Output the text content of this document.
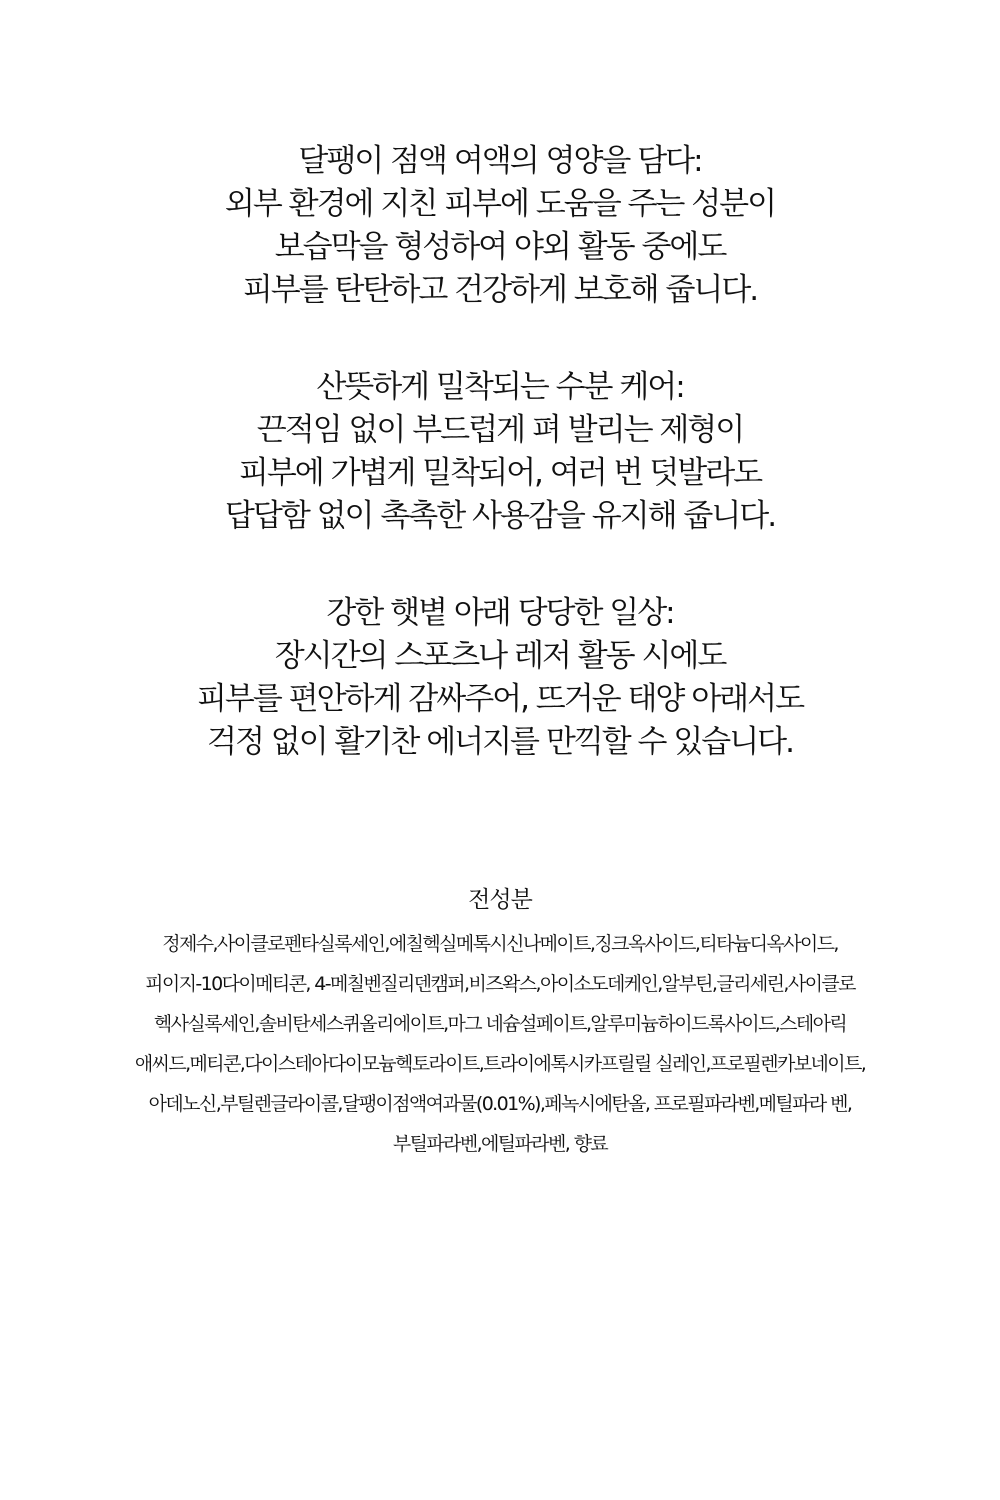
달팽이 점액 여액의 영양을 담다:
외부 환경에 지친 피부에 도움을 주는 성분이
보습막을 형성하여 야외 활동 중에도
피부를 탄탄하고 건강하게 보호해 줍니다.
산뜻하게 밀착되는 수분 케어:
끈적임 없이 부드럽게 펴 발리는 제형이
피부에 가볍게 밀착되어, 여러 번 덧발라도
답답함 없이 촉촉한 사용감을 유지해 줍니다.
강한 햇볕 아래 당당한 일상:
장시간의 스포츠나 레저 활동 시에도
피부를 편안하게 감싸주어, 뜨거운 태양 아래서도
걱정 없이 활기찬 에너지를 만끽할 수 있습니다.
전성분
정제수,사이클로펜타실록세인,에칠헥실메톡시신나메이트,징크옥사이드,티타늄디옥사이드,
피이지-10다이메티콘, 4-메칠벤질리덴캠퍼,비즈왁스,아이소도데케인,알부틴,글리세린,사이클로
헥사실록세인,솔비탄세스퀴올리에이트,마그 네슘설페이트,알루미늄하이드록사이드,스테아릭
애씨드,메티콘,다이스테아다이모늄헥토라이트,트라이에톡시카프릴릴 실레인,프로필렌카보네이트,
아데노신,부틸렌글라이콜,달팽이점액여과물(0.01%),페녹시에탄올, 프로필파라벤,메틸파라 벤,
부틸파라벤,에틸파라벤, 향료
